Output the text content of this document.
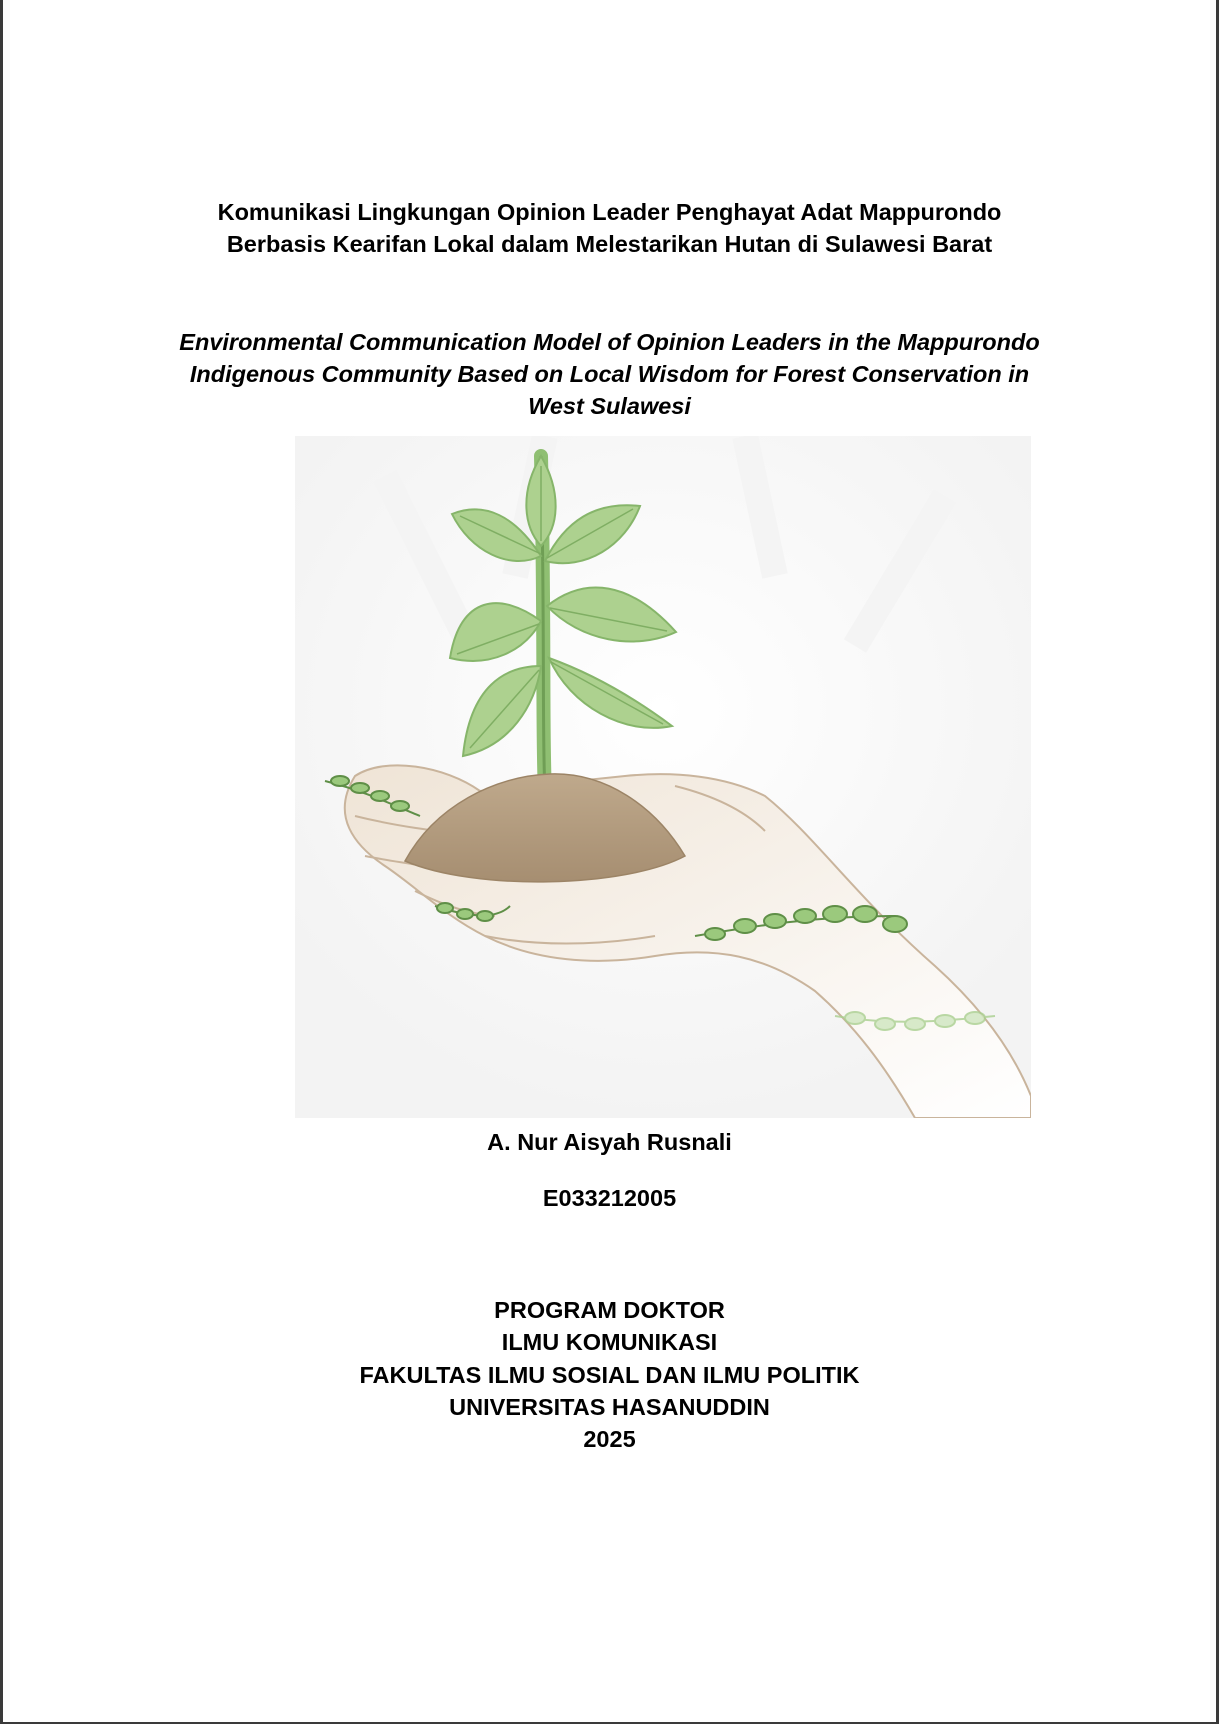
Komunikasi Lingkungan Opinion Leader Penghayat Adat Mappurondo
Berbasis Kearifan Lokal dalam Melestarikan Hutan di Sulawesi Barat
Environmental Communication Model of Opinion Leaders in the Mappurondo
Indigenous Community Based on Local Wisdom for Forest Conservation in
West Sulawesi
A. Nur Aisyah Rusnali
E033212005
PROGRAM DOKTOR
ILMU KOMUNIKASI
FAKULTAS ILMU SOSIAL DAN ILMU POLITIK
UNIVERSITAS HASANUDDIN
2025
